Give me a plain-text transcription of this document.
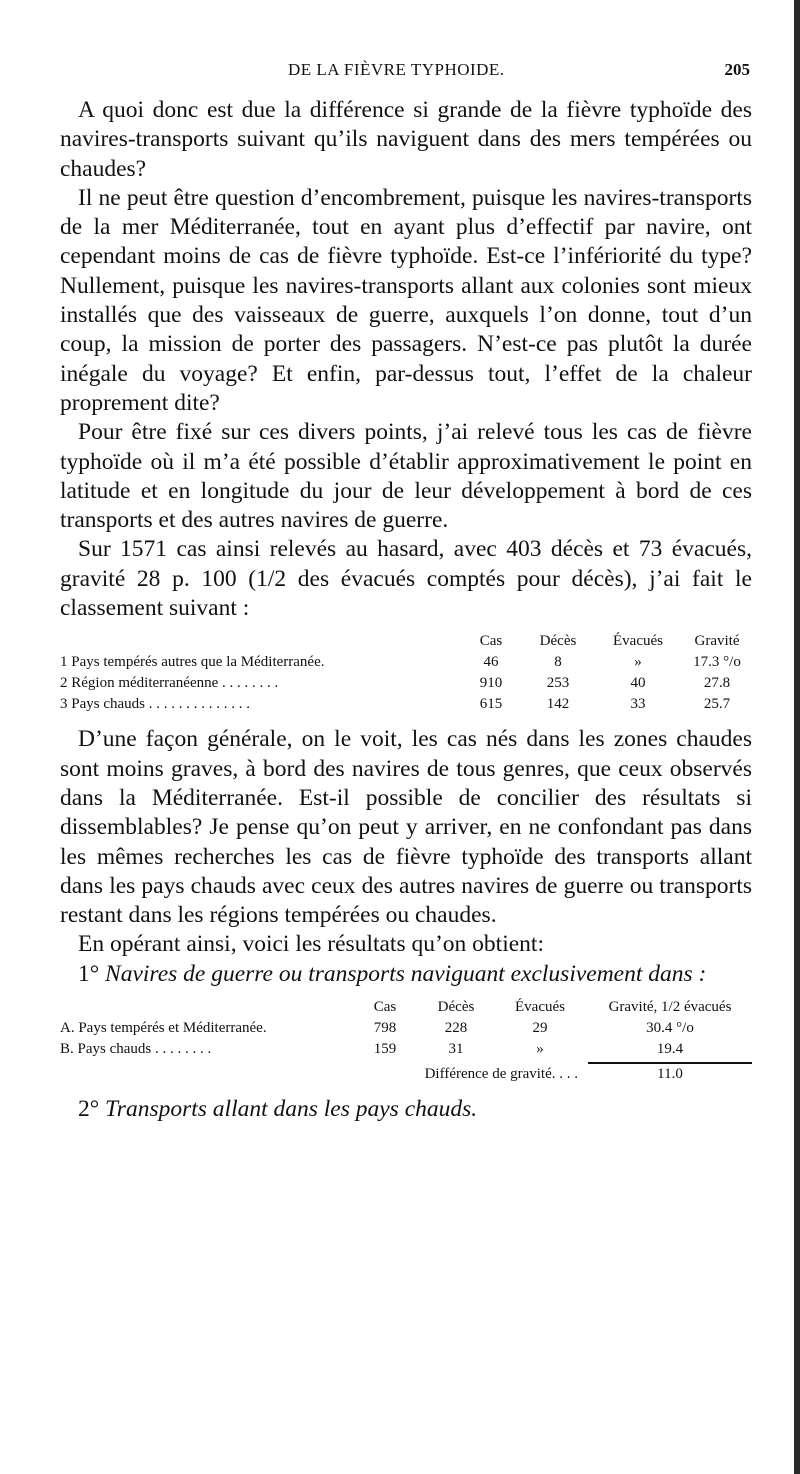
DE LA FIÈVRE TYPHOIDE.	205

A quoi donc est due la différence si grande de la fièvre typhoïde des navires-transports suivant qu’ils naviguent dans des mers tempérées ou chaudes?

Il ne peut être question d’encombrement, puisque les navires-transports de la mer Méditerranée, tout en ayant plus d’effectif par navire, ont cependant moins de cas de fièvre typhoïde. Est-ce l’infériorité du type? Nullement, puisque les navires-transports allant aux colonies sont mieux installés que des vaisseaux de guerre, auxquels l’on donne, tout d’un coup, la mission de porter des passagers. N’est-ce pas plutôt la durée inégale du voyage? Et enfin, par-dessus tout, l’effet de la chaleur proprement dite?

Pour être fixé sur ces divers points, j’ai relevé tous les cas de fièvre typhoïde où il m’a été possible d’établir approximativement le point en latitude et en longitude du jour de leur développement à bord de ces transports et des autres navires de guerre.

Sur 1571 cas ainsi relevés au hasard, avec 403 décès et 73 évacués, gravité 28 p. 100 (1/2 des évacués comptés pour décès), j’ai fait le classement suivant :

Cas	Décès	Évacués	Gravité
1 Pays tempérés autres que la Méditerranée.	46	8	»	17.3 °/o
2 Région méditerranéenne . . . . . . . .	910	253	40	27.8
3 Pays chauds . . . . . . . . . . . . . .	615	142	33	25.7

D’une façon générale, on le voit, les cas nés dans les zones chaudes sont moins graves, à bord des navires de tous genres, que ceux observés dans la Méditerranée. Est-il possible de concilier des résultats si dissemblables? Je pense qu’on peut y arriver, en ne confondant pas dans les mêmes recherches les cas de fièvre typhoïde des transports allant dans les pays chauds avec ceux des autres navires de guerre ou transports restant dans les régions tempérées ou chaudes.

En opérant ainsi, voici les résultats qu’on obtient:

1° Navires de guerre ou transports naviguant exclusivement dans :

Cas	Décès	Évacués	Gravité, 1/2 évacués
A. Pays tempérés et Méditerranée.	798	228	29	30.4 °/o
B. Pays chauds . . . . . . . .	159	31	»	19.4
Différence de gravité. . . .	11.0

2° Transports allant dans les pays chauds.
